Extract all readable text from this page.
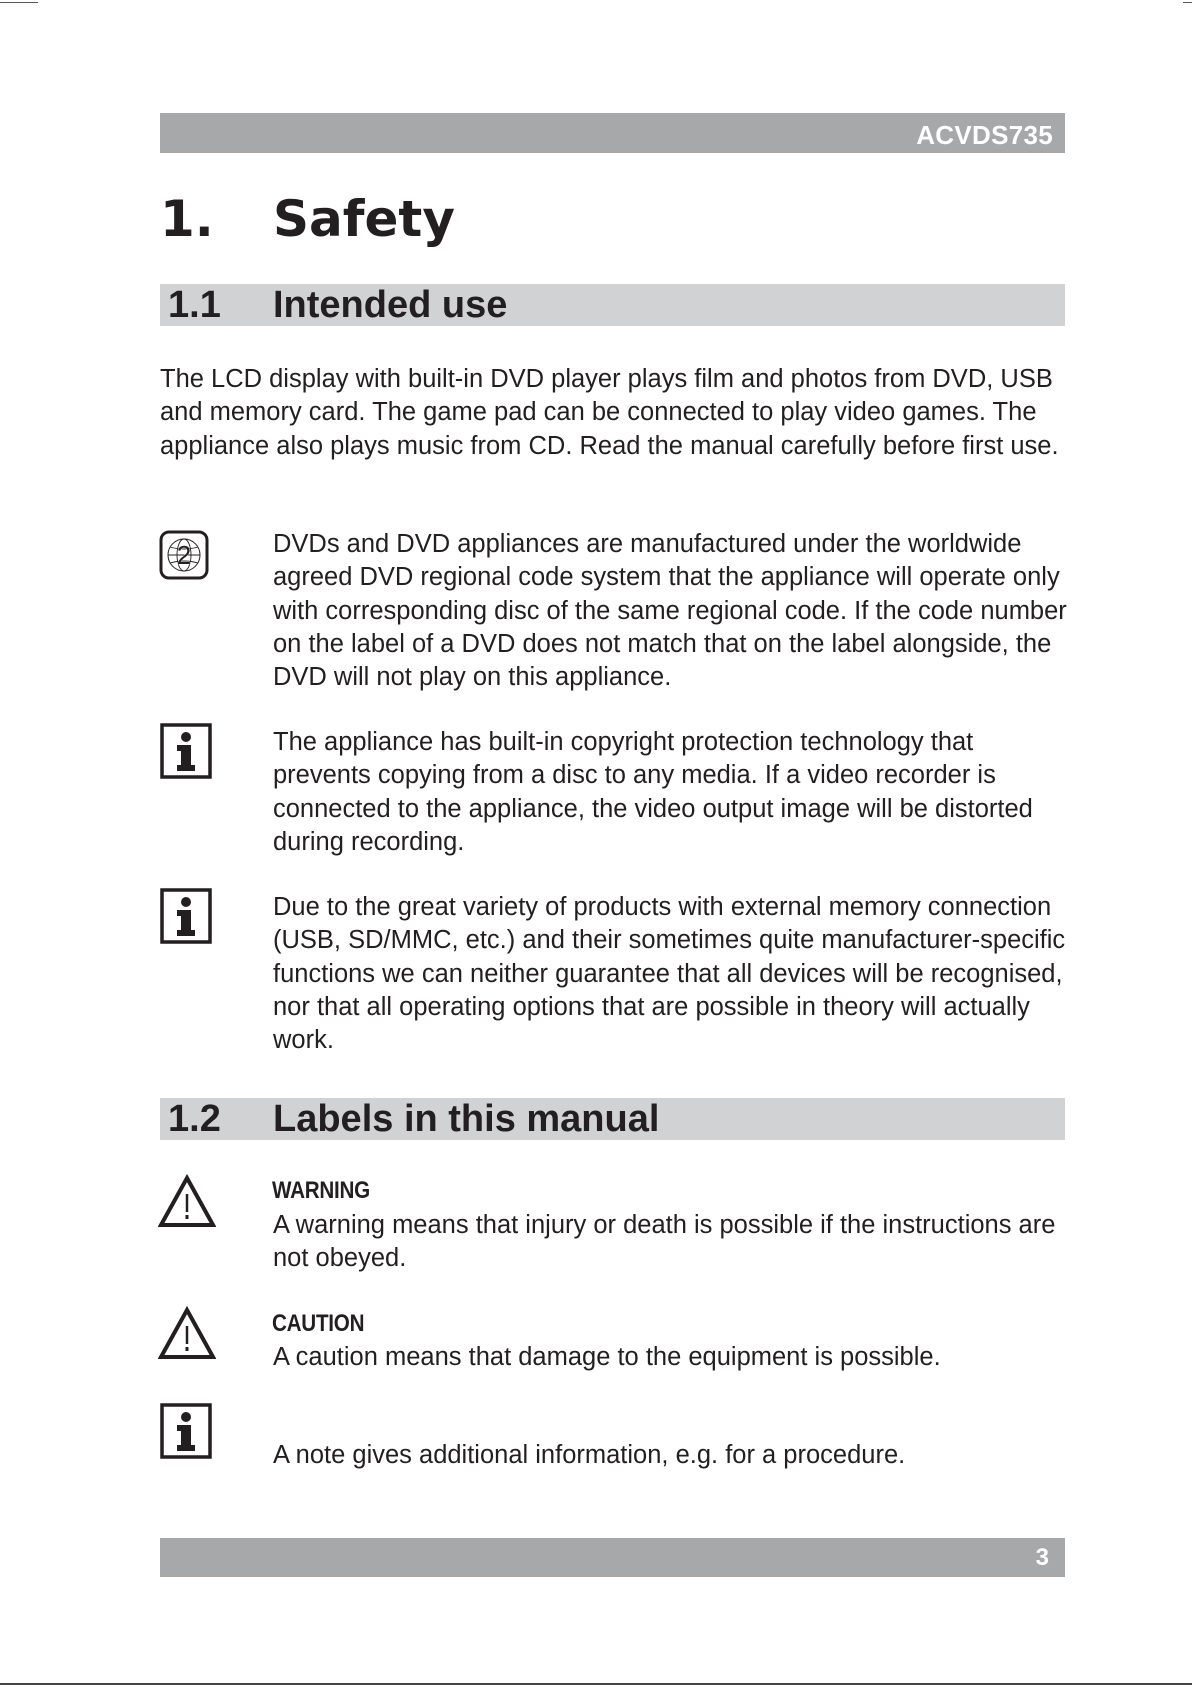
ACVDS735
1. Safety
1.1 Intended use

The LCD display with built-in DVD player plays film and photos from DVD, USB and memory card. The game pad can be connected to play video games. The appliance also plays music from CD. Read the manual carefully before first use.

2	DVDs and DVD appliances are manufactured under the worldwide agreed DVD regional code system that the appliance will operate only with corresponding disc of the same regional code. If the code number on the label of a DVD does not match that on the label alongside, the DVD will not play on this appliance.

The appliance has built-in copyright protection technology that prevents copying from a disc to any media. If a video recorder is connected to the appliance, the video output image will be distorted during recording.

Due to the great variety of products with external memory connection (USB, SD/MMC, etc.) and their sometimes quite manufacturer-specific functions we can neither guarantee that all devices will be recognised, nor that all operating options that are possible in theory will actually work.

1.2 Labels in this manual
WARNING

A warning means that injury or death is possible if the instructions are not obeyed.

CAUTION

A caution means that damage to the equipment is possible.

A note gives additional information, e.g. for a procedure.

3
